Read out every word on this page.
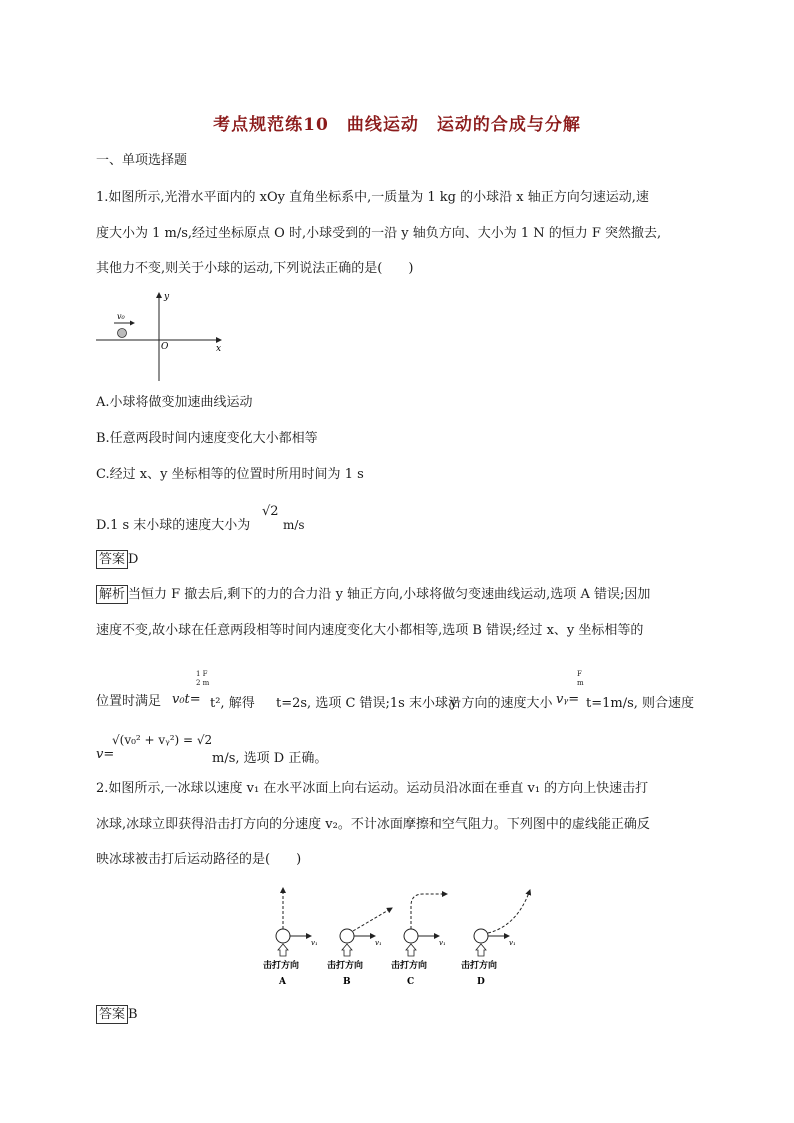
考点规范练10　曲线运动　运动的合成与分解
一、单项选择题
1.如图所示,光滑水平面内的 xOy 直角坐标系中,一质量为 1 kg 的小球沿 x 轴正方向匀速运动,速
度大小为 1 m/s,经过坐标原点 O 时,小球受到的一沿 y 轴负方向、大小为 1 N 的恒力 F 突然撤去,
其他力不变,则关于小球的运动,下列说法正确的是(　　)
v₀
y
x
O
A.小球将做变加速曲线运动
B.任意两段时间内速度变化大小都相等
C.经过 x、y 坐标相等的位置时所用时间为 1 s
D.1 s 末小球的速度大小为
√2
m/s
答案 D
解析 当恒力 F 撤去后,剩下的力的合力沿 y 轴正方向,小球将做匀变速曲线运动,选项 A 错误;因加
速度不变,故小球在任意两段相等时间内速度变化大小都相等,选项 B 错误;经过 x、y 坐标相等的
位置时满足 v₀t=
1 F
2 m
t², 解得 t=2s, 选项 C 错误;1s 末小球沿
y 方向的速度大小 vᵧ=
F
m
t=1m/s, 则合速度
v=
√(v₀² + vᵧ²) = √2
m/s, 选项 D 正确。
2.如图所示,一冰球以速度 v₁ 在水平冰面上向右运动。运动员沿冰面在垂直 v₁ 的方向上快速击打
冰球,冰球立即获得沿击打方向的分速度 v₂。不计冰面摩擦和空气阻力。下列图中的虚线能正确反
映冰球被击打后运动路径的是(　　)
v₁
击打方向
A
v₁
击打方向
B
v₁
击打方向
C
v₁
击打方向
D
答案 B
